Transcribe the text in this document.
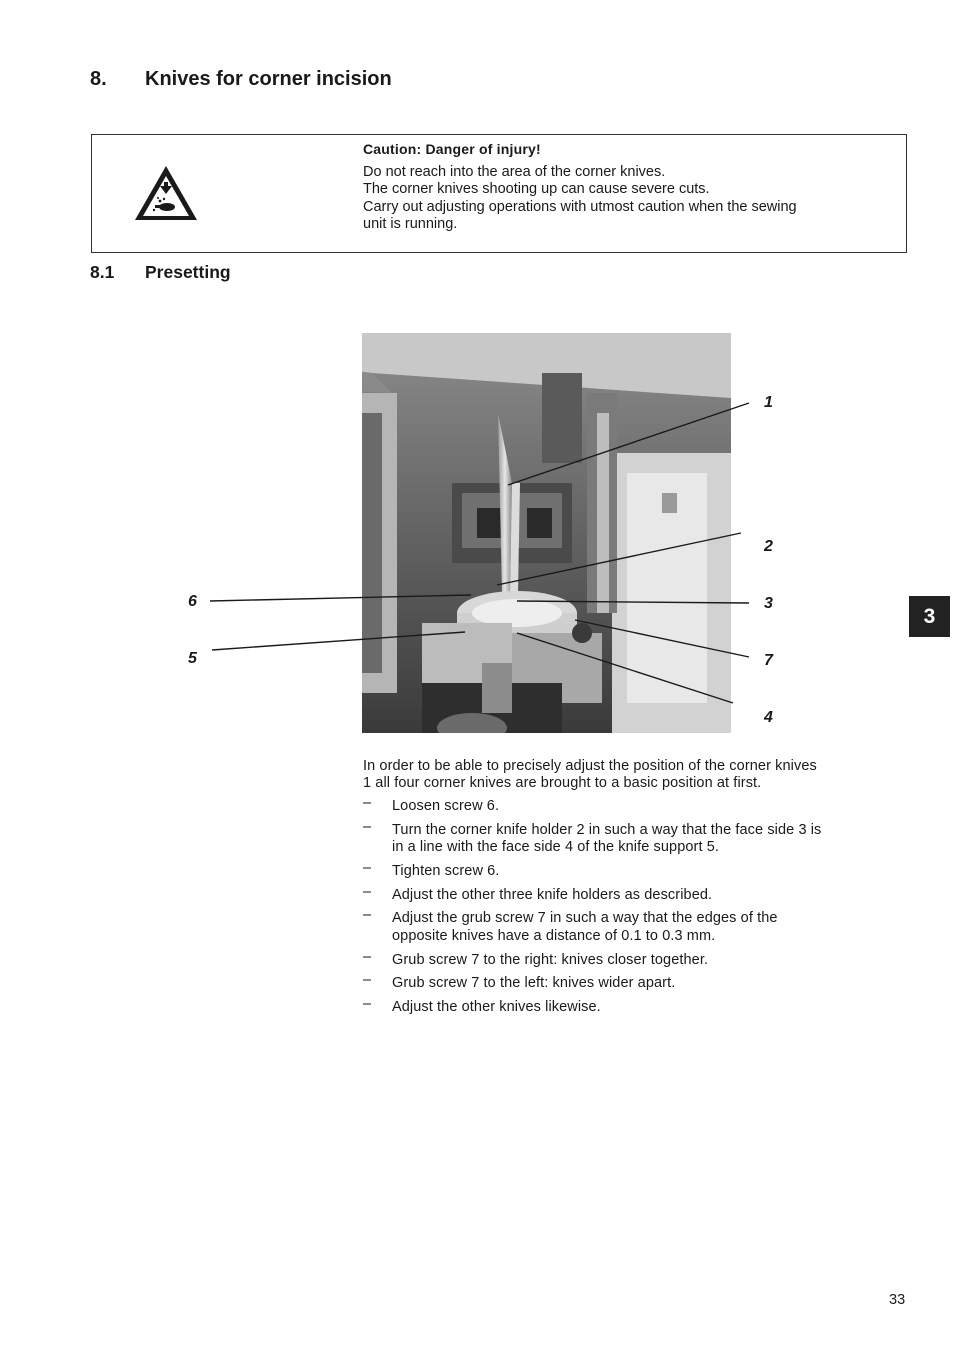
8. Knives for corner incision
Caution: Danger of injury!
Do not reach into the area of the corner knives.
The corner knives shooting up can cause severe cuts.
Carry out adjusting operations with utmost caution when the sewing
unit is running.
8.1 Presetting
1
2
3
4
5
6
7
In order to be able to precisely adjust the position of the corner knives
1 all four corner knives are brought to a basic position at first.
– Loosen screw 6.
– Turn the corner knife holder 2 in such a way that the face side 3 is
in a line with the face side 4 of the knife support 5.
– Tighten screw 6.
– Adjust the other three knife holders as described.
– Adjust the grub screw 7 in such a way that the edges of the
opposite knives have a distance of 0.1 to 0.3 mm.
– Grub screw 7 to the right: knives closer together.
– Grub screw 7 to the left: knives wider apart.
– Adjust the other knives likewise.
3
33
